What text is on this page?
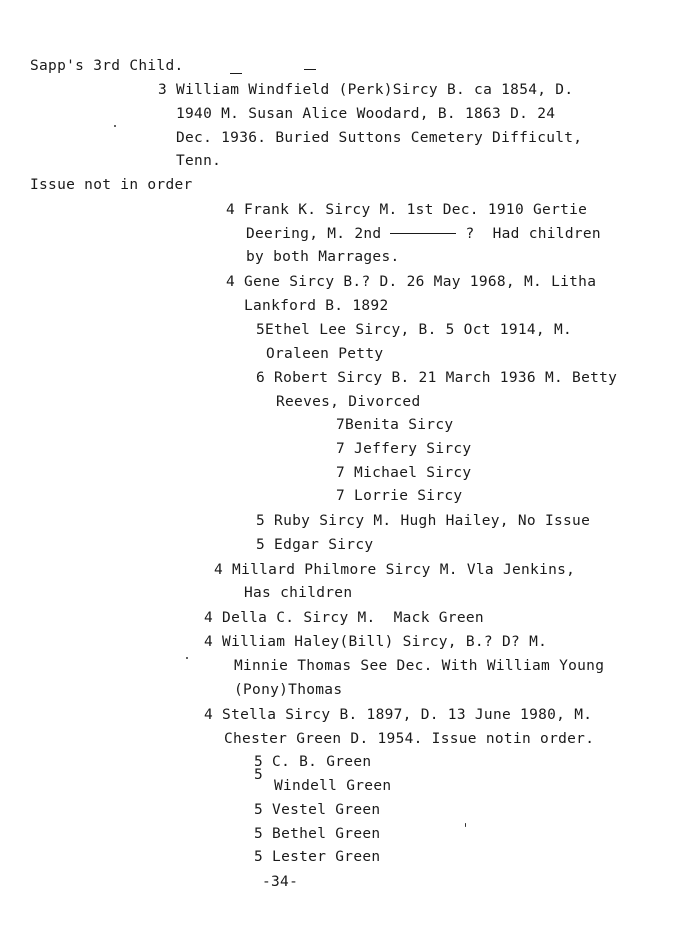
Sapp's 3rd Child.
3 William Windfield (Perk)Sircy B. ca 1854, D.
1940 M. Susan Alice Woodard, B. 1863 D. 24
Dec. 1936. Buried Suttons Cemetery Difficult,
Tenn.
Issue not in order
4 Frank K. Sircy M. 1st Dec. 1910 Gertie
Deering, M. 2nd	?  Had children
by both Marrages.
4 Gene Sircy B.? D. 26 May 1968, M. Litha
Lankford B. 1892
5Ethel Lee Sircy, B. 5 Oct 1914, M.
Oraleen Petty
6 Robert Sircy B. 21 March 1936 M. Betty
Reeves, Divorced
7Benita Sircy
7 Jeffery Sircy
7 Michael Sircy
7 Lorrie Sircy
5 Ruby Sircy M. Hugh Hailey, No Issue
5 Edgar Sircy
4 Millard Philmore Sircy M. Vla Jenkins,
Has children
4 Della C. Sircy M.  Mack Green
4 William Haley(Bill) Sircy, B.? D? M.
Minnie Thomas See Dec. With William Young
(Pony)Thomas
4 Stella Sircy B. 1897, D. 13 June 1980, M.
Chester Green D. 1954. Issue notin order.
5 C. B. Green
5
Windell Green
5 Vestel Green
5 Bethel Green
5 Lester Green
-34-
